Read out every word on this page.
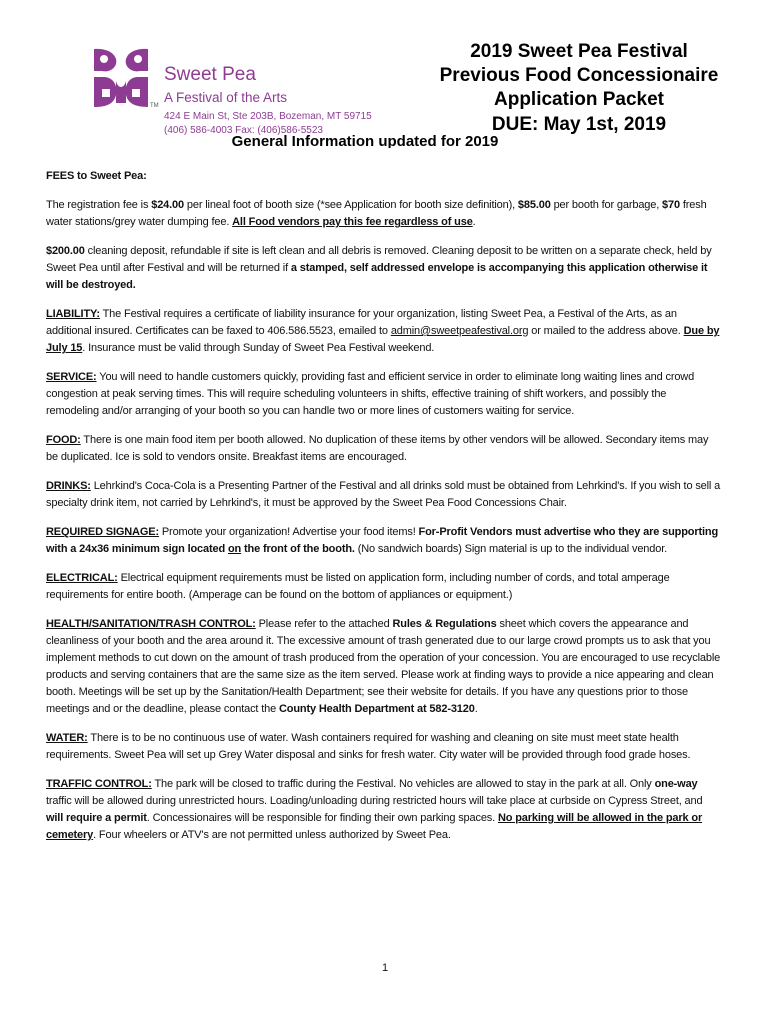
TM
Sweet Pea
A Festival of the Arts
424 E Main St, Ste 203B, Bozeman, MT 59715
(406) 586-4003 Fax: (406)586-5523
2019 Sweet Pea Festival
Previous Food Concessionaire
Application Packet
DUE: May 1st, 2019
General Information updated for 2019

FEES to Sweet Pea:

The registration fee is $24.00 per lineal foot of booth size (*see Application for booth size definition), $85.00 per booth for garbage, $70 fresh water stations/grey water dumping fee. All Food vendors pay this fee regardless of use.

$200.00 cleaning deposit, refundable if site is left clean and all debris is removed. Cleaning deposit to be written on a separate check, held by Sweet Pea until after Festival and will be returned if a stamped, self addressed envelope is accompanying this application otherwise it will be destroyed.

LIABILITY: The Festival requires a certificate of liability insurance for your organization, listing Sweet Pea, a Festival of the Arts, as an additional insured. Certificates can be faxed to 406.586.5523, emailed to admin@sweetpeafestival.org or mailed to the address above. Due by July 15. Insurance must be valid through Sunday of Sweet Pea Festival weekend.

SERVICE: You will need to handle customers quickly, providing fast and efficient service in order to eliminate long waiting lines and crowd congestion at peak serving times. This will require scheduling volunteers in shifts, effective training of shift workers, and possibly the remodeling and/or arranging of your booth so you can handle two or more lines of customers waiting for service.

FOOD: There is one main food item per booth allowed. No duplication of these items by other vendors will be allowed. Secondary items may be duplicated. Ice is sold to vendors onsite. Breakfast items are encouraged.

DRINKS: Lehrkind's Coca-Cola is a Presenting Partner of the Festival and all drinks sold must be obtained from Lehrkind's. If you wish to sell a specialty drink item, not carried by Lehrkind's, it must be approved by the Sweet Pea Food Concessions Chair.

REQUIRED SIGNAGE: Promote your organization! Advertise your food items! For-Profit Vendors must advertise who they are supporting with a 24x36 minimum sign located on the front of the booth. (No sandwich boards) Sign material is up to the individual vendor.

ELECTRICAL: Electrical equipment requirements must be listed on application form, including number of cords, and total amperage requirements for entire booth. (Amperage can be found on the bottom of appliances or equipment.)

HEALTH/SANITATION/TRASH CONTROL: Please refer to the attached Rules & Regulations sheet which covers the appearance and cleanliness of your booth and the area around it. The excessive amount of trash generated due to our large crowd prompts us to ask that you implement methods to cut down on the amount of trash produced from the operation of your concession. You are encouraged to use recyclable products and serving containers that are the same size as the item served. Please work at finding ways to provide a nice appearing and clean booth. Meetings will be set up by the Sanitation/Health Department; see their website for details. If you have any questions prior to those meetings and or the deadline, please contact the County Health Department at 582-3120.

WATER: There is to be no continuous use of water. Wash containers required for washing and cleaning on site must meet state health requirements. Sweet Pea will set up Grey Water disposal and sinks for fresh water. City water will be provided through food grade hoses.

TRAFFIC CONTROL: The park will be closed to traffic during the Festival. No vehicles are allowed to stay in the park at all. Only one-way traffic will be allowed during unrestricted hours. Loading/unloading during restricted hours will take place at curbside on Cypress Street, and will require a permit. Concessionaires will be responsible for finding their own parking spaces. No parking will be allowed in the park or cemetery. Four wheelers or ATV's are not permitted unless authorized by Sweet Pea.

1
